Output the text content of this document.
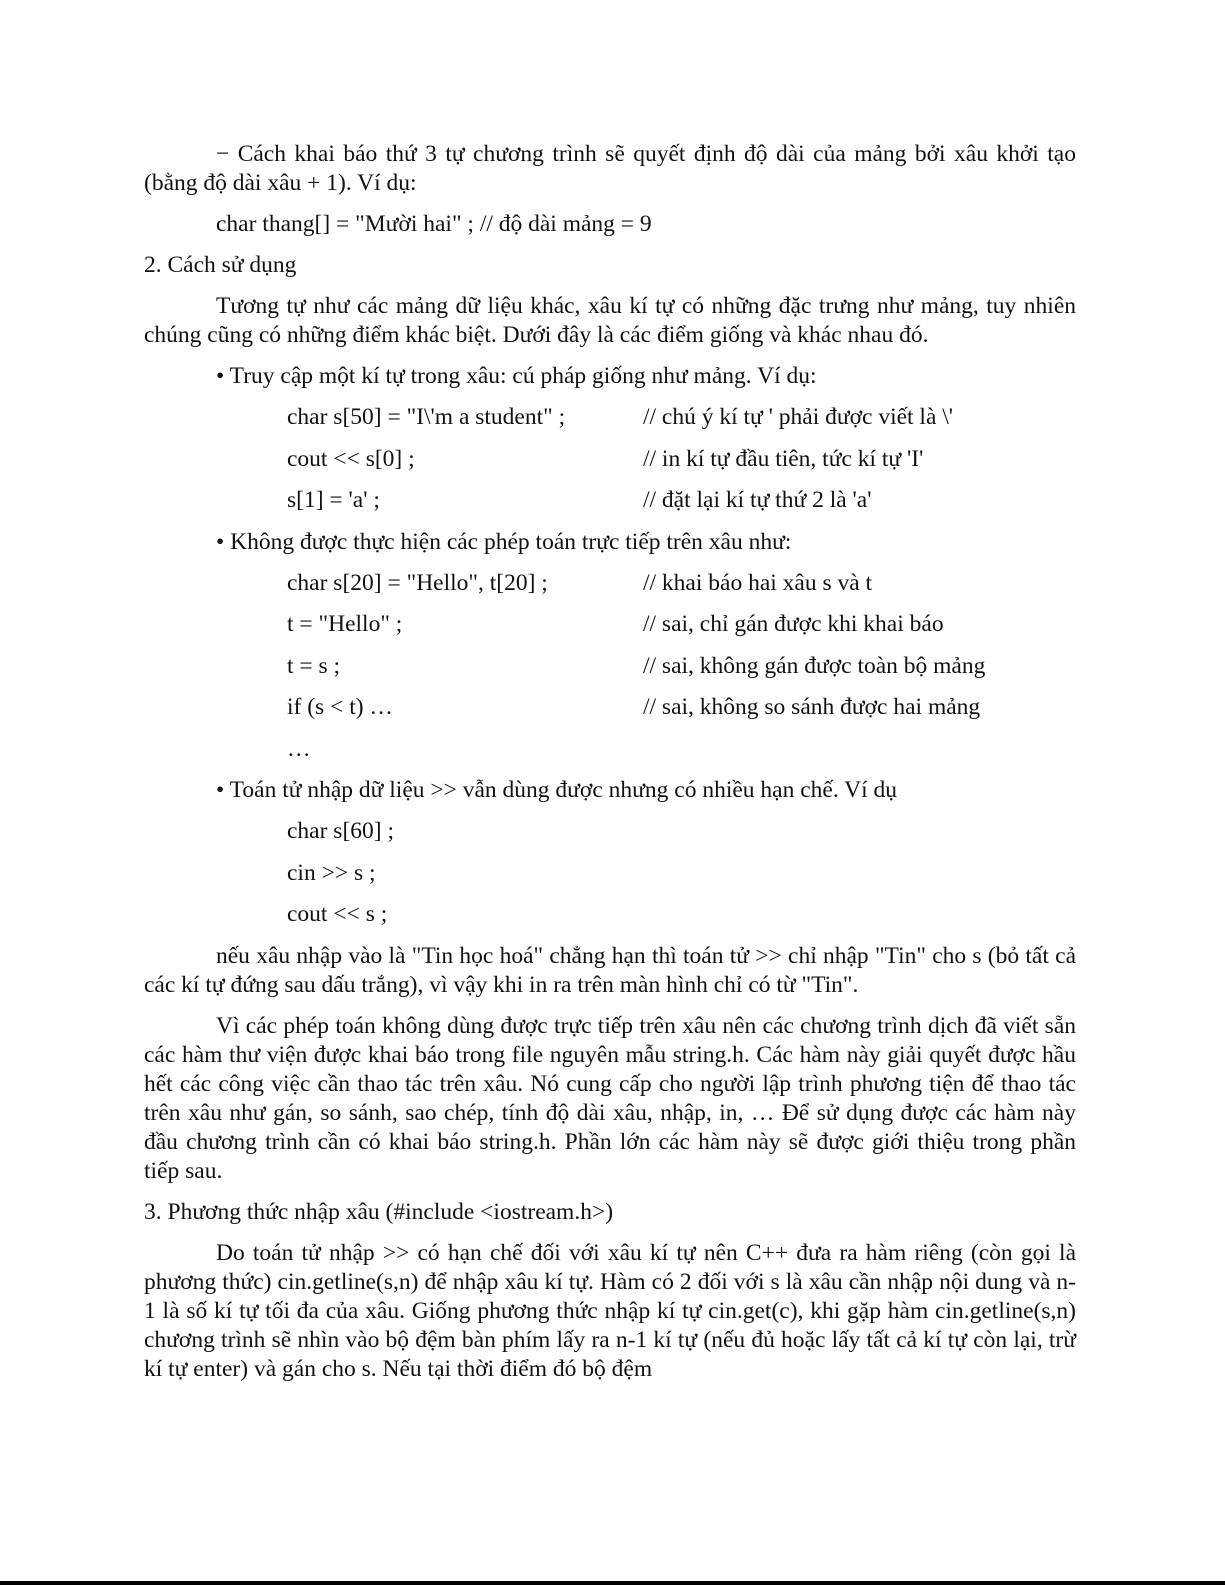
− Cách khai báo thứ 3 tự chương trình sẽ quyết định độ dài của mảng bởi xâu khởi tạo (bằng độ dài xâu + 1). Ví dụ:

char thang[] = "Mười hai" ; // độ dài mảng = 9

2. Cách sử dụng

Tương tự như các mảng dữ liệu khác, xâu kí tự có những đặc trưng như mảng, tuy nhiên chúng cũng có những điểm khác biệt. Dưới đây là các điểm giống và khác nhau đó.

• Truy cập một kí tự trong xâu: cú pháp giống như mảng. Ví dụ:

char s[50] = "I\'m a student" ;	// chú ý kí tự ' phải được viết là \'
cout << s[0] ;	// in kí tự đầu tiên, tức kí tự 'I'
s[1] = 'a' ;	// đặt lại kí tự thứ 2 là 'a'

• Không được thực hiện các phép toán trực tiếp trên xâu như:

char s[20] = "Hello", t[20] ;	// khai báo hai xâu s và t
t = "Hello" ;	// sai, chỉ gán được khi khai báo
t = s ;	// sai, không gán được toàn bộ mảng
if (s < t) …	// sai, không so sánh được hai mảng
…

• Toán tử nhập dữ liệu >> vẫn dùng được nhưng có nhiều hạn chế. Ví dụ

char s[60] ;
cin >> s ;
cout << s ;

nếu xâu nhập vào là "Tin học hoá" chẳng hạn thì toán tử >> chỉ nhập "Tin" cho s (bỏ tất cả các kí tự đứng sau dấu trắng), vì vậy khi in ra trên màn hình chỉ có từ "Tin".

Vì các phép toán không dùng được trực tiếp trên xâu nên các chương trình dịch đã viết sẵn các hàm thư viện được khai báo trong file nguyên mẫu string.h. Các hàm này giải quyết được hầu hết các công việc cần thao tác trên xâu. Nó cung cấp cho người lập trình phương tiện để thao tác trên xâu như gán, so sánh, sao chép, tính độ dài xâu, nhập, in, … Để sử dụng được các hàm này đầu chương trình cần có khai báo string.h. Phần lớn các hàm này sẽ được giới thiệu trong phần tiếp sau.

3. Phương thức nhập xâu (#include <iostream.h>)

Do toán tử nhập >> có hạn chế đối với xâu kí tự nên C++ đưa ra hàm riêng (còn gọi là phương thức) cin.getline(s,n) để nhập xâu kí tự. Hàm có 2 đối với s là xâu cần nhập nội dung và n-1 là số kí tự tối đa của xâu. Giống phương thức nhập kí tự cin.get(c), khi gặp hàm cin.getline(s,n) chương trình sẽ nhìn vào bộ đệm bàn phím lấy ra n-1 kí tự (nếu đủ hoặc lấy tất cả kí tự còn lại, trừ kí tự enter) và gán cho s. Nếu tại thời điểm đó bộ đệm
